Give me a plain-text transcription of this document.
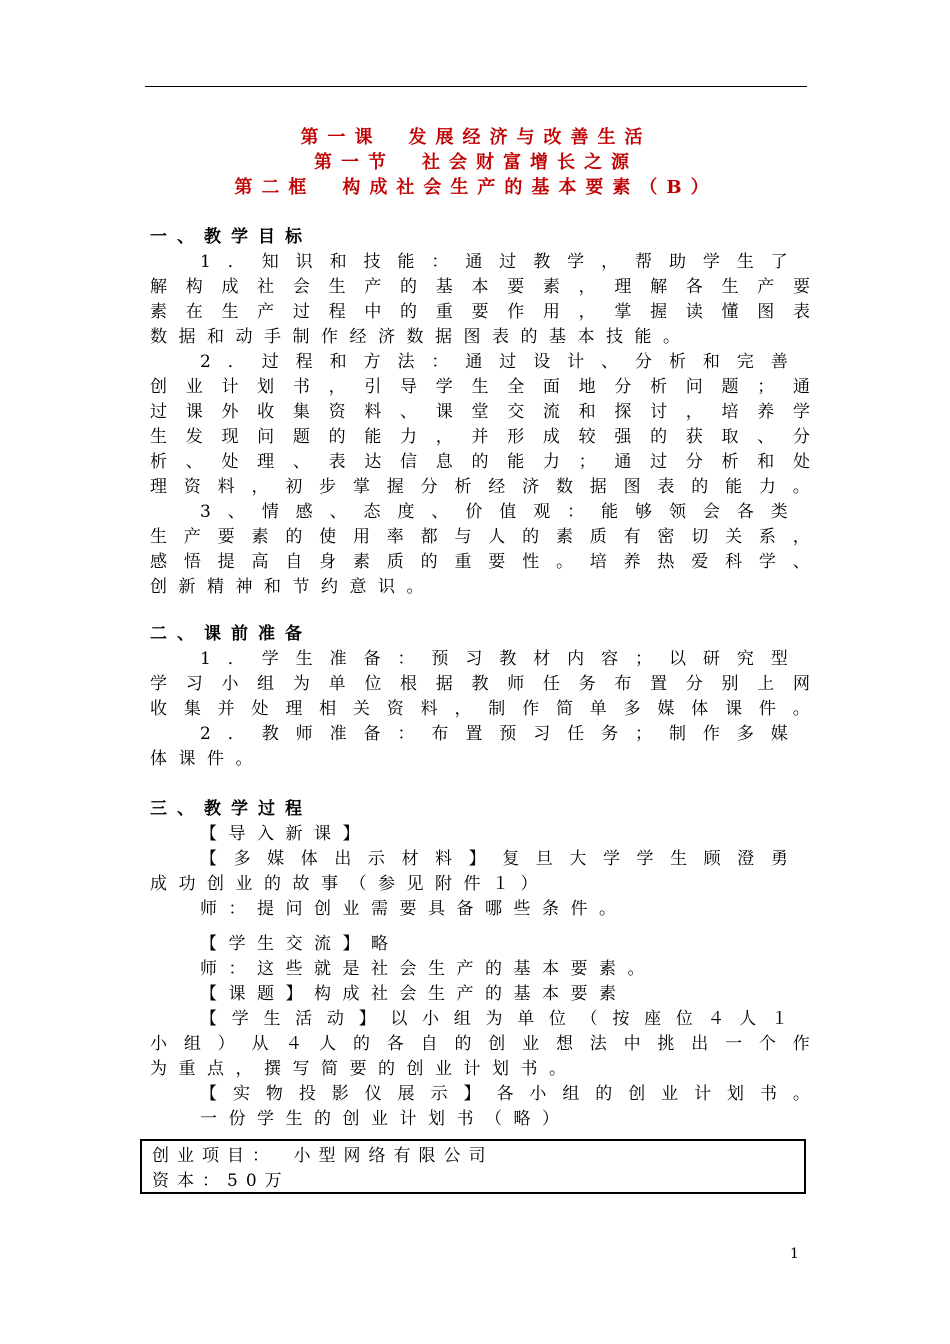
第一课　发展经济与改善生活
第一节　社会财富增长之源
第二框　构成社会生产的基本要素（B）
一、教学目标
1 ． 知 识 和 技 能 ： 通 过 教 学 ， 帮 助 学 生 了
解 构 成 社 会 生 产 的 基 本 要 素 ， 理 解 各 生 产 要
素 在 生 产 过 程 中 的 重 要 作 用 ， 掌 握 读 懂 图 表
数 据 和 动 手 制 作 经 济 数 据 图 表 的 基 本 技 能 。
2 ． 过 程 和 方 法 ： 通 过 设 计 、 分 析 和 完 善
创 业 计 划 书 ， 引 导 学 生 全 面 地 分 析 问 题 ； 通
过 课 外 收 集 资 料 、 课 堂 交 流 和 探 讨 ， 培 养 学
生 发 现 问 题 的 能 力 ， 并 形 成 较 强 的 获 取 、 分
析 、 处 理 、 表 达 信 息 的 能 力 ； 通 过 分 析 和 处
理 资 料 ， 初 步 掌 握 分 析 经 济 数 据 图 表 的 能 力 。
3 、 情 感 、 态 度 、 价 值 观 ： 能 够 领 会 各 类
生 产 要 素 的 使 用 率 都 与 人 的 素 质 有 密 切 关 系 ，
感 悟 提 高 自 身 素 质 的 重 要 性 。 培 养 热 爱 科 学 、
创 新 精 神 和 节 约 意 识 。
二、课前准备
1 ． 学 生 准 备 ： 预 习 教 材 内 容 ； 以 研 究 型
学 习 小 组 为 单 位 根 据 教 师 任 务 布 置 分 别 上 网
收 集 并 处 理 相 关 资 料 ， 制 作 简 单 多 媒 体 课 件 。
2 ． 教 师 准 备 ： 布 置 预 习 任 务 ； 制 作 多 媒
体 课 件 。
三、教学过程
【 导 入 新 课 】
【 多 媒 体 出 示 材 料 】 复 旦 大 学 学 生 顾 澄 勇
成 功 创 业 的 故 事 （ 参 见 附 件 １ ）
师 ： 提 问 创 业 需 要 具 备 哪 些 条 件 。
【 学 生 交 流 】 略
师 ： 这 些 就 是 社 会 生 产 的 基 本 要 素 。
【 课 题 】 构 成 社 会 生 产 的 基 本 要 素
【 学 生 活 动 】 以 小 组 为 单 位 （ 按 座 位 ４ 人 １
小 组 ） 从 ４ 人 的 各 自 的 创 业 想 法 中 挑 出 一 个 作
为 重 点 ， 撰 写 简 要 的 创 业 计 划 书 。
【 实 物 投 影 仪 展 示 】 各 小 组 的 创 业 计 划 书 。
一 份 学 生 的 创 业 计 划 书 （ 略 ）
创业项目：　小型网络有限公司
资本：50万
1
